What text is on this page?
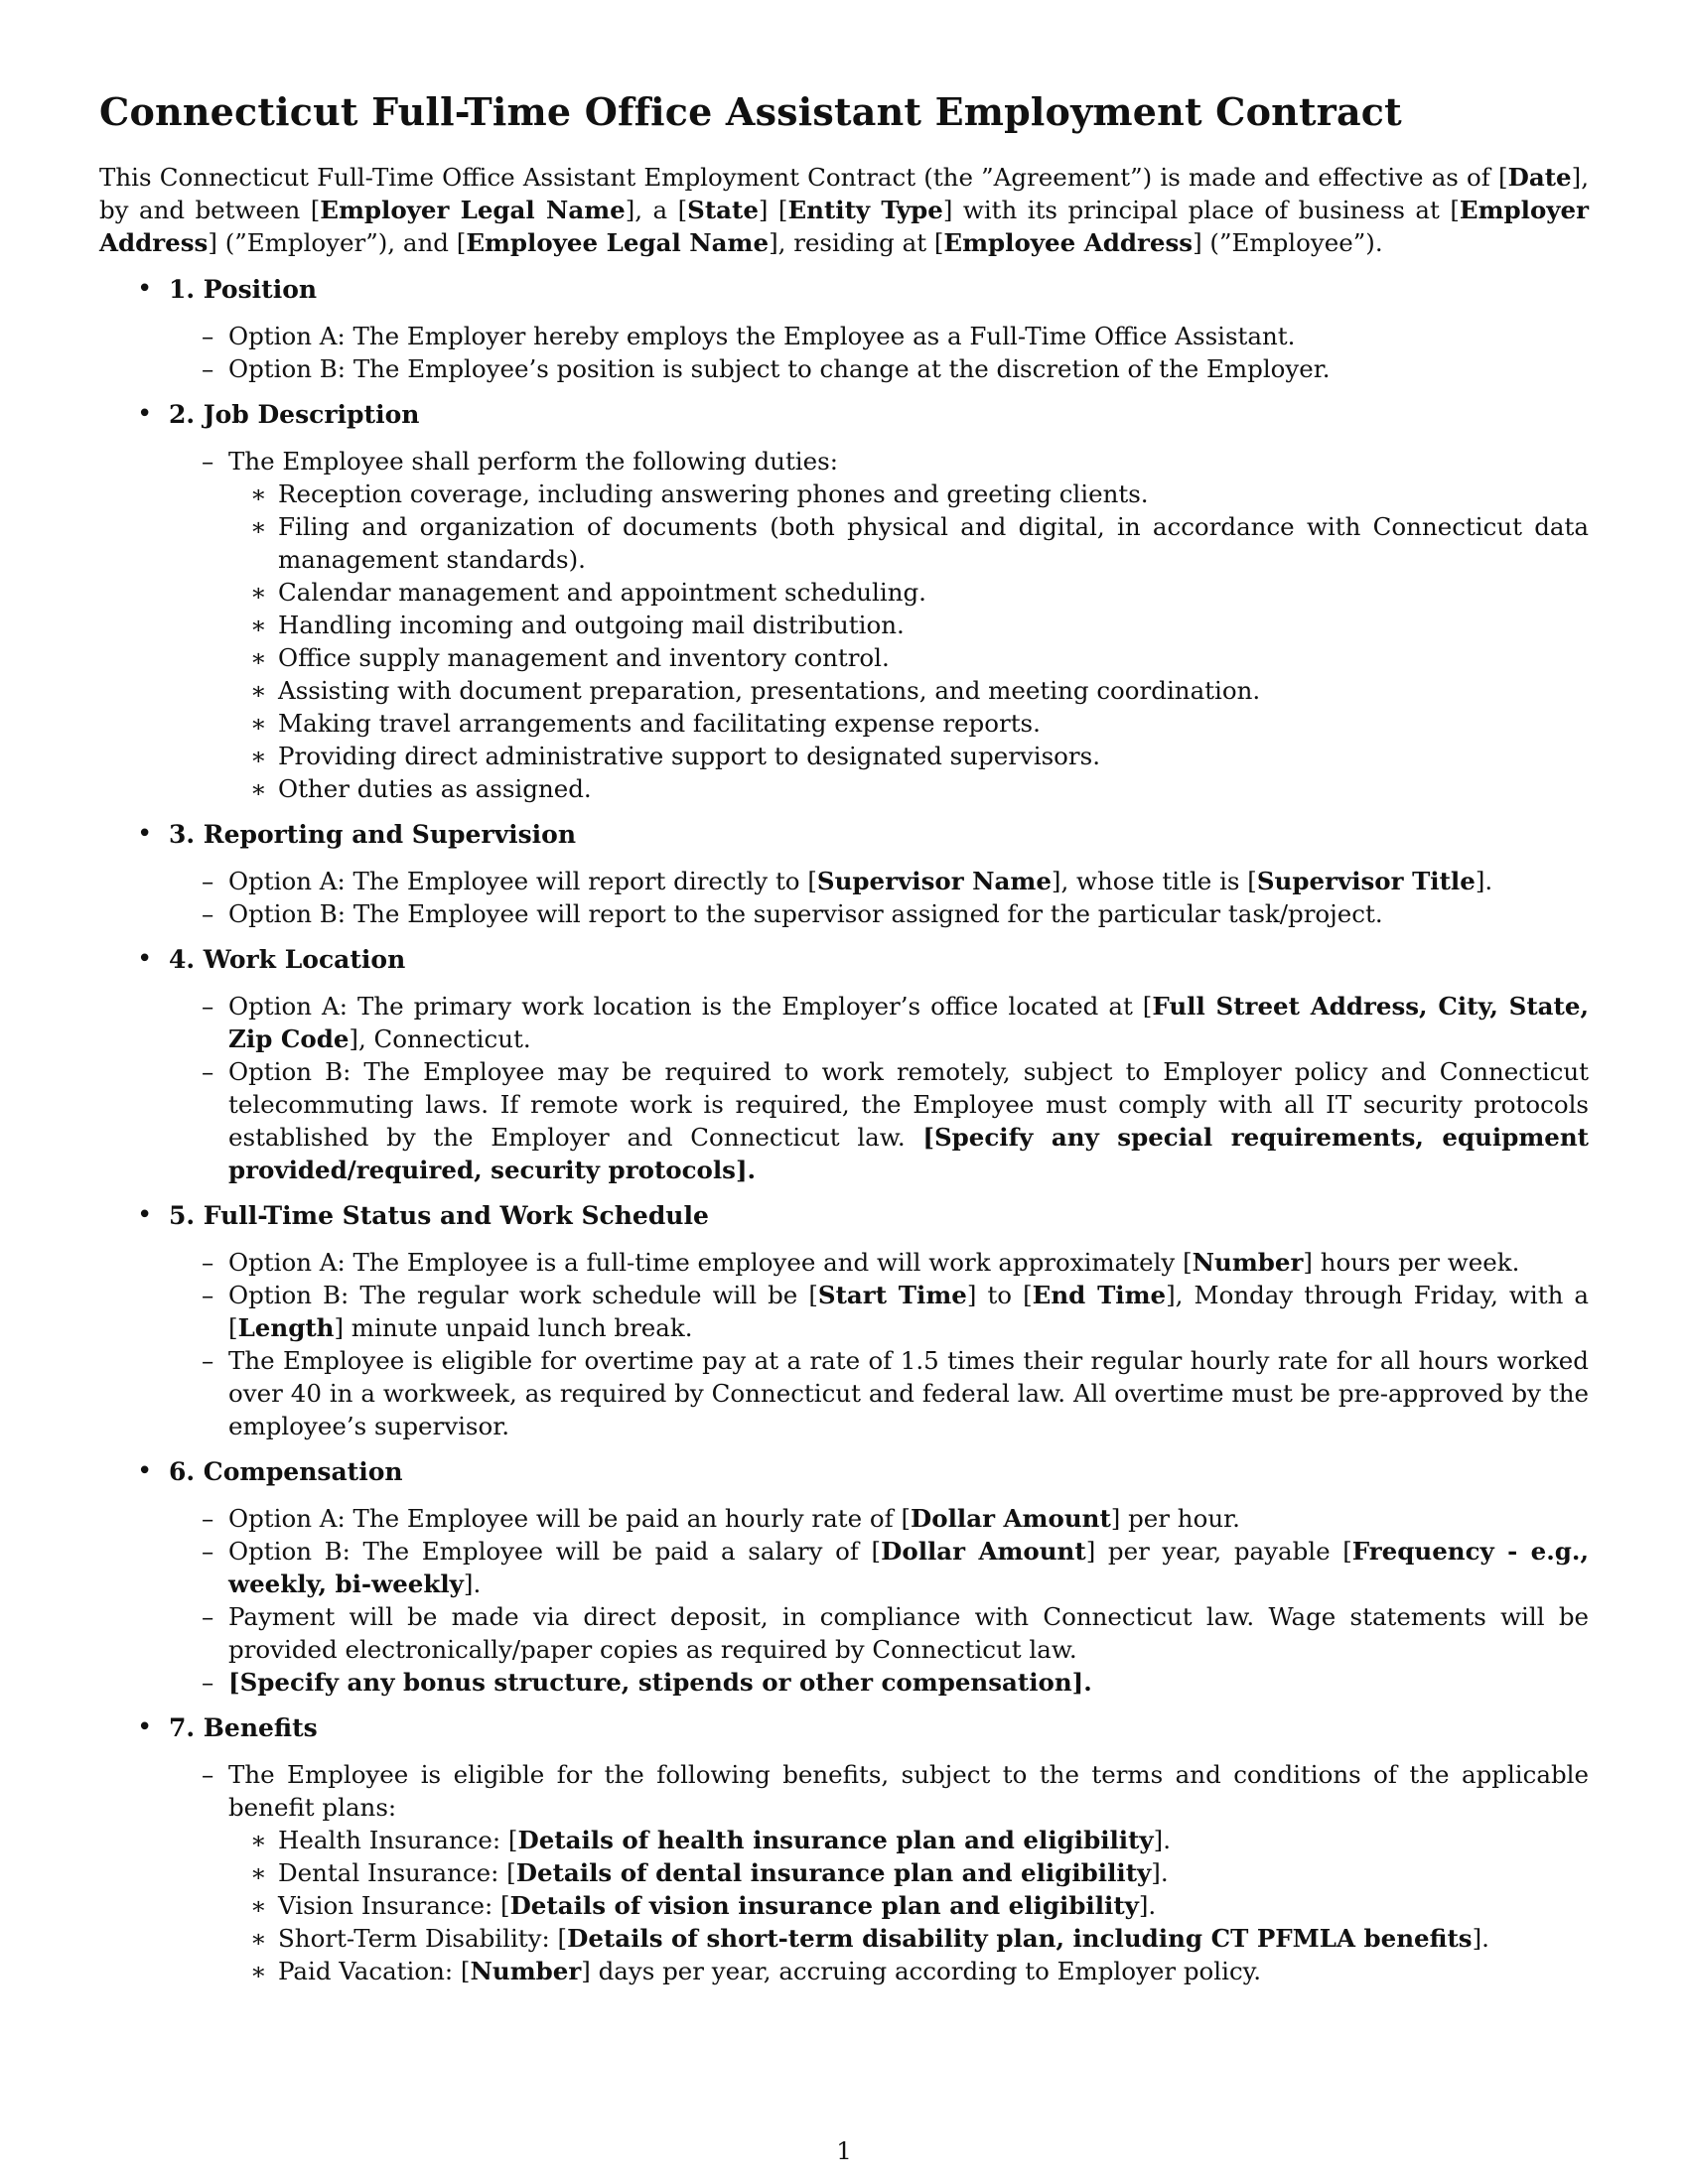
Connecticut Full-Time Office Assistant Employment Contract

This Connecticut Full-Time Office Assistant Employment Contract (the ”Agreement”) is made and effective as of [Date], by and between [Employer Legal Name], a [State] [Entity Type] with its principal place of business at [Employer Address] (”Employer”), and [Employee Legal Name], residing at [Employee Address] (”Employee”).

• 1. Position
– Option A: The Employer hereby employs the Employee as a Full-Time Office Assistant.
– Option B: The Employee’s position is subject to change at the discretion of the Employer.
• 2. Job Description
– The Employee shall perform the following duties:
∗ Reception coverage, including answering phones and greeting clients.
∗ Filing and organization of documents (both physical and digital, in accordance with Connecticut data management standards).
∗ Calendar management and appointment scheduling.
∗ Handling incoming and outgoing mail distribution.
∗ Office supply management and inventory control.
∗ Assisting with document preparation, presentations, and meeting coordination.
∗ Making travel arrangements and facilitating expense reports.
∗ Providing direct administrative support to designated supervisors.
∗ Other duties as assigned.
• 3. Reporting and Supervision
– Option A: The Employee will report directly to [Supervisor Name], whose title is [Supervisor Title].
– Option B: The Employee will report to the supervisor assigned for the particular task/project.
• 4. Work Location
– Option A: The primary work location is the Employer’s office located at [Full Street Address, City, State, Zip Code], Connecticut.
– Option B: The Employee may be required to work remotely, subject to Employer policy and Connecticut telecommuting laws. If remote work is required, the Employee must comply with all IT security protocols established by the Employer and Connecticut law. [Specify any special requirements, equipment provided/required, security protocols].
• 5. Full-Time Status and Work Schedule
– Option A: The Employee is a full-time employee and will work approximately [Number] hours per week.
– Option B: The regular work schedule will be [Start Time] to [End Time], Monday through Friday, with a [Length] minute unpaid lunch break.
– The Employee is eligible for overtime pay at a rate of 1.5 times their regular hourly rate for all hours worked over 40 in a workweek, as required by Connecticut and federal law. All overtime must be pre-approved by the employee’s supervisor.
• 6. Compensation
– Option A: The Employee will be paid an hourly rate of [Dollar Amount] per hour.
– Option B: The Employee will be paid a salary of [Dollar Amount] per year, payable [Frequency - e.g., weekly, bi-weekly].
– Payment will be made via direct deposit, in compliance with Connecticut law. Wage statements will be provided electronically/paper copies as required by Connecticut law.
– [Specify any bonus structure, stipends or other compensation].
• 7. Benefits
– The Employee is eligible for the following benefits, subject to the terms and conditions of the applicable benefit plans:
∗ Health Insurance: [Details of health insurance plan and eligibility].
∗ Dental Insurance: [Details of dental insurance plan and eligibility].
∗ Vision Insurance: [Details of vision insurance plan and eligibility].
∗ Short-Term Disability: [Details of short-term disability plan, including CT PFMLA benefits].
∗ Paid Vacation: [Number] days per year, accruing according to Employer policy.
1
